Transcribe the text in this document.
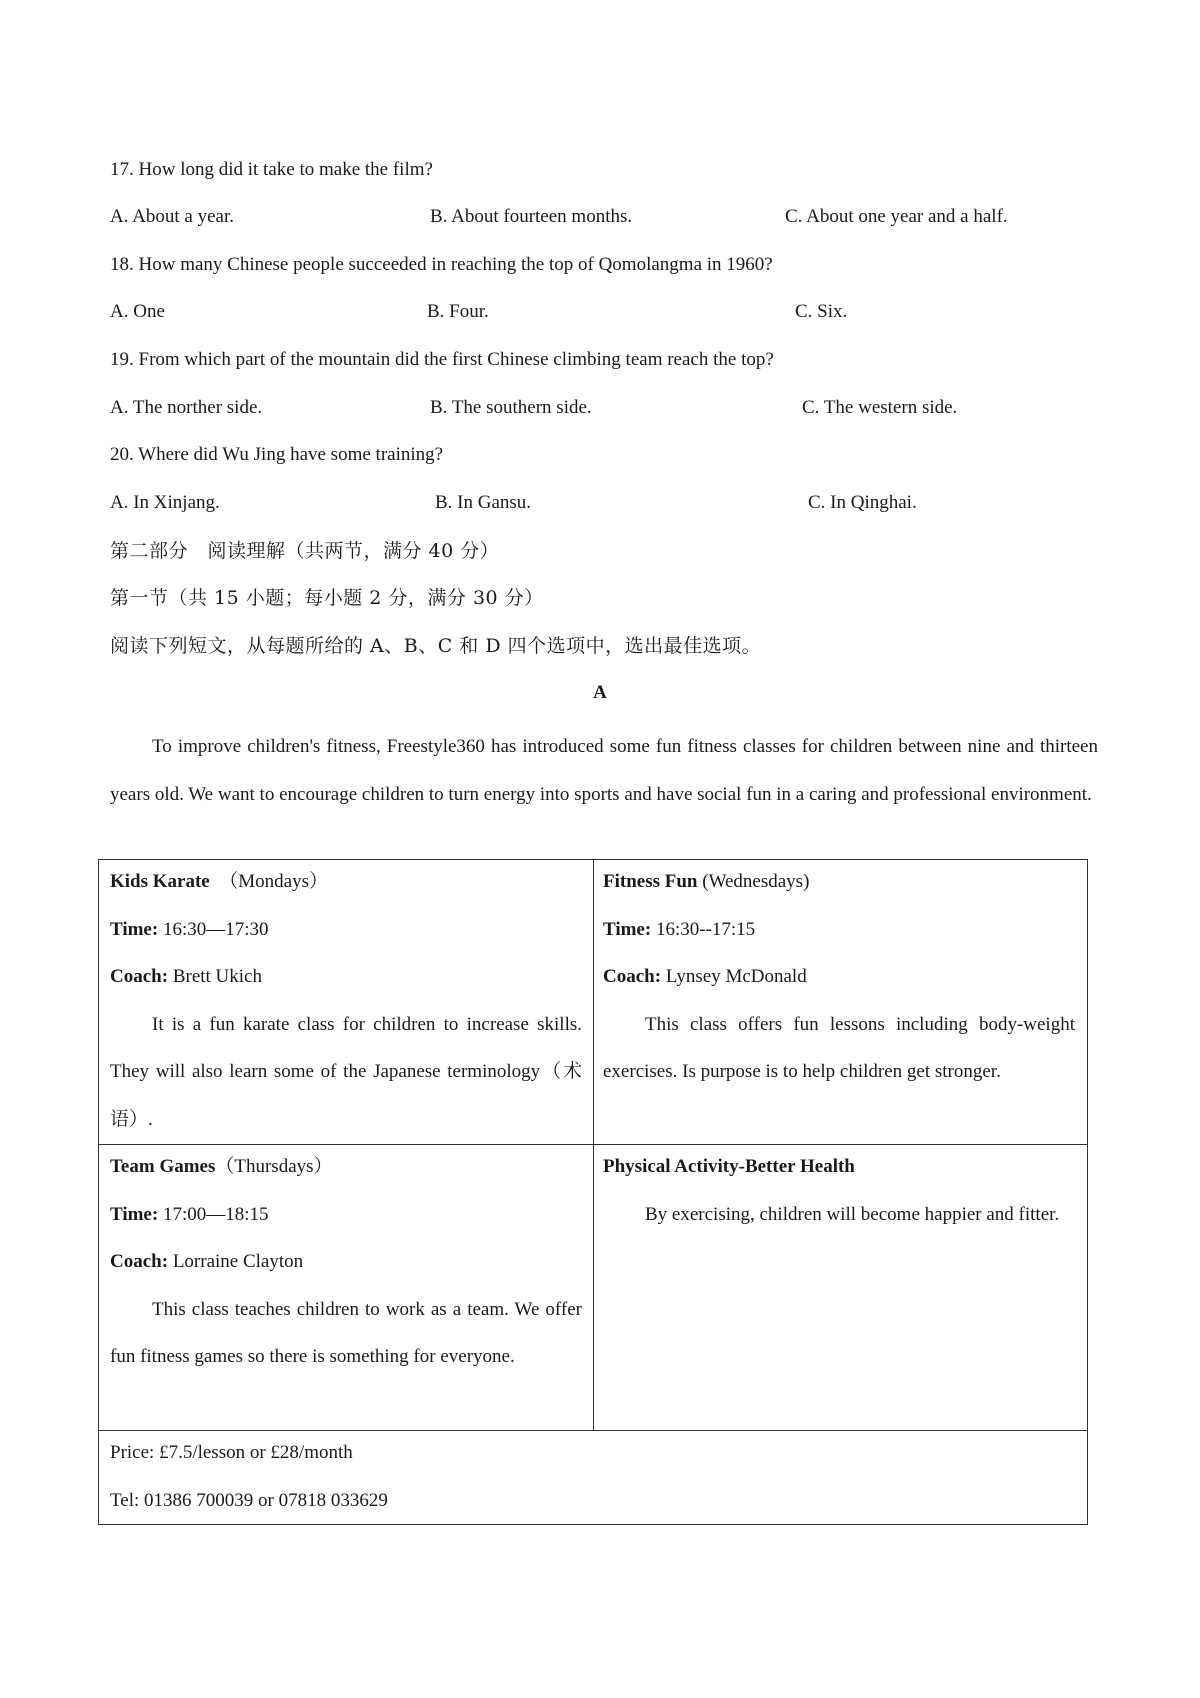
17. How long did it take to make the film?
A. About a year.	B. About fourteen months.	C. About one year and a half.
18. How many Chinese people succeeded in reaching the top of Qomolangma in 1960?
A. One	B. Four.	C. Six.
19. From which part of the mountain did the first Chinese climbing team reach the top?
A. The norther side.	B. The southern side.	C. The western side.
20. Where did Wu Jing have some training?
A. In Xinjang.	B. In Gansu.	C. In Qinghai.
第二部分　阅读理解（共两节，满分 40 分）
第一节（共 15 小题；每小题 2 分，满分 30 分）
阅读下列短文，从每题所给的 A、B、C 和 D 四个选项中，选出最佳选项。
A
To improve children's fitness, Freestyle360 has introduced some fun fitness classes for children between nine and thirteen years old. We want to encourage children to turn energy into sports and have social fun in a caring and professional environment.
Kids Karate （Mondays）
Time: 16:30—17:30
Coach: Brett Ukich
It is a fun karate class for children to increase skills. They will also learn some of the Japanese terminology（术语）.
Fitness Fun (Wednesdays)
Time: 16:30--17:15
Coach: Lynsey McDonald
This class offers fun lessons including body-weight exercises. Is purpose is to help children get stronger.
Team Games（Thursdays）
Time: 17:00—18:15
Coach: Lorraine Clayton
This class teaches children to work as a team. We offer fun fitness games so there is something for everyone.
Physical Activity-Better Health
By exercising, children will become happier and fitter.
Price: £7.5/lesson or £28/month
Tel: 01386 700039 or 07818 033629
